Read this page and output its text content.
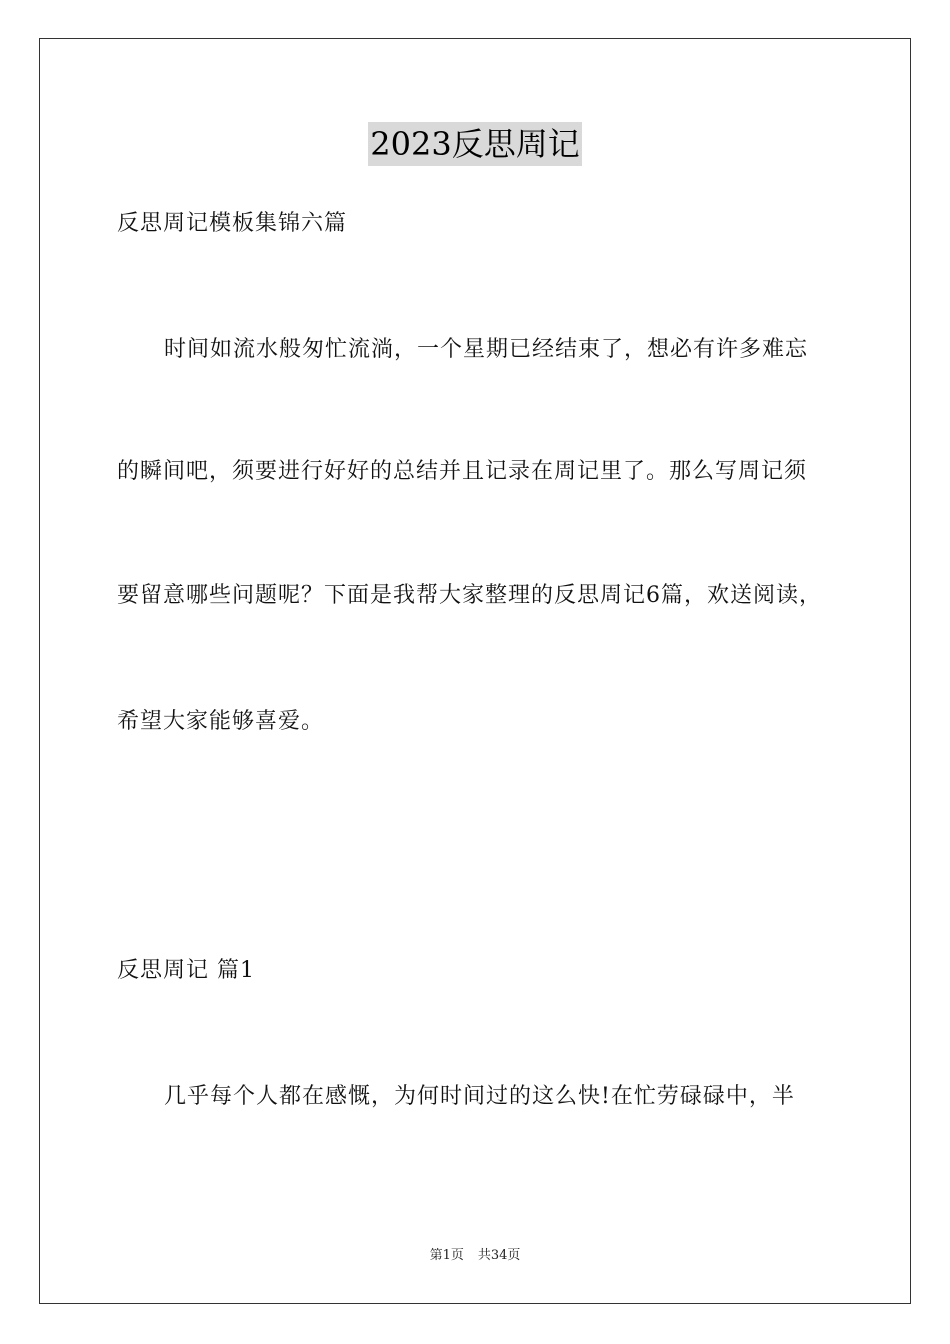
2023反思周记
反思周记模板集锦六篇
时间如流水般匆忙流淌，一个星期已经结束了，想必有许多难忘
的瞬间吧，须要进行好好的总结并且记录在周记里了。那么写周记须
要留意哪些问题呢？下面是我帮大家整理的反思周记6篇，欢送阅读，
希望大家能够喜爱。
反思周记 篇1
几乎每个人都在感慨，为何时间过的这么快!在忙劳碌碌中，半
第1页 共34页
